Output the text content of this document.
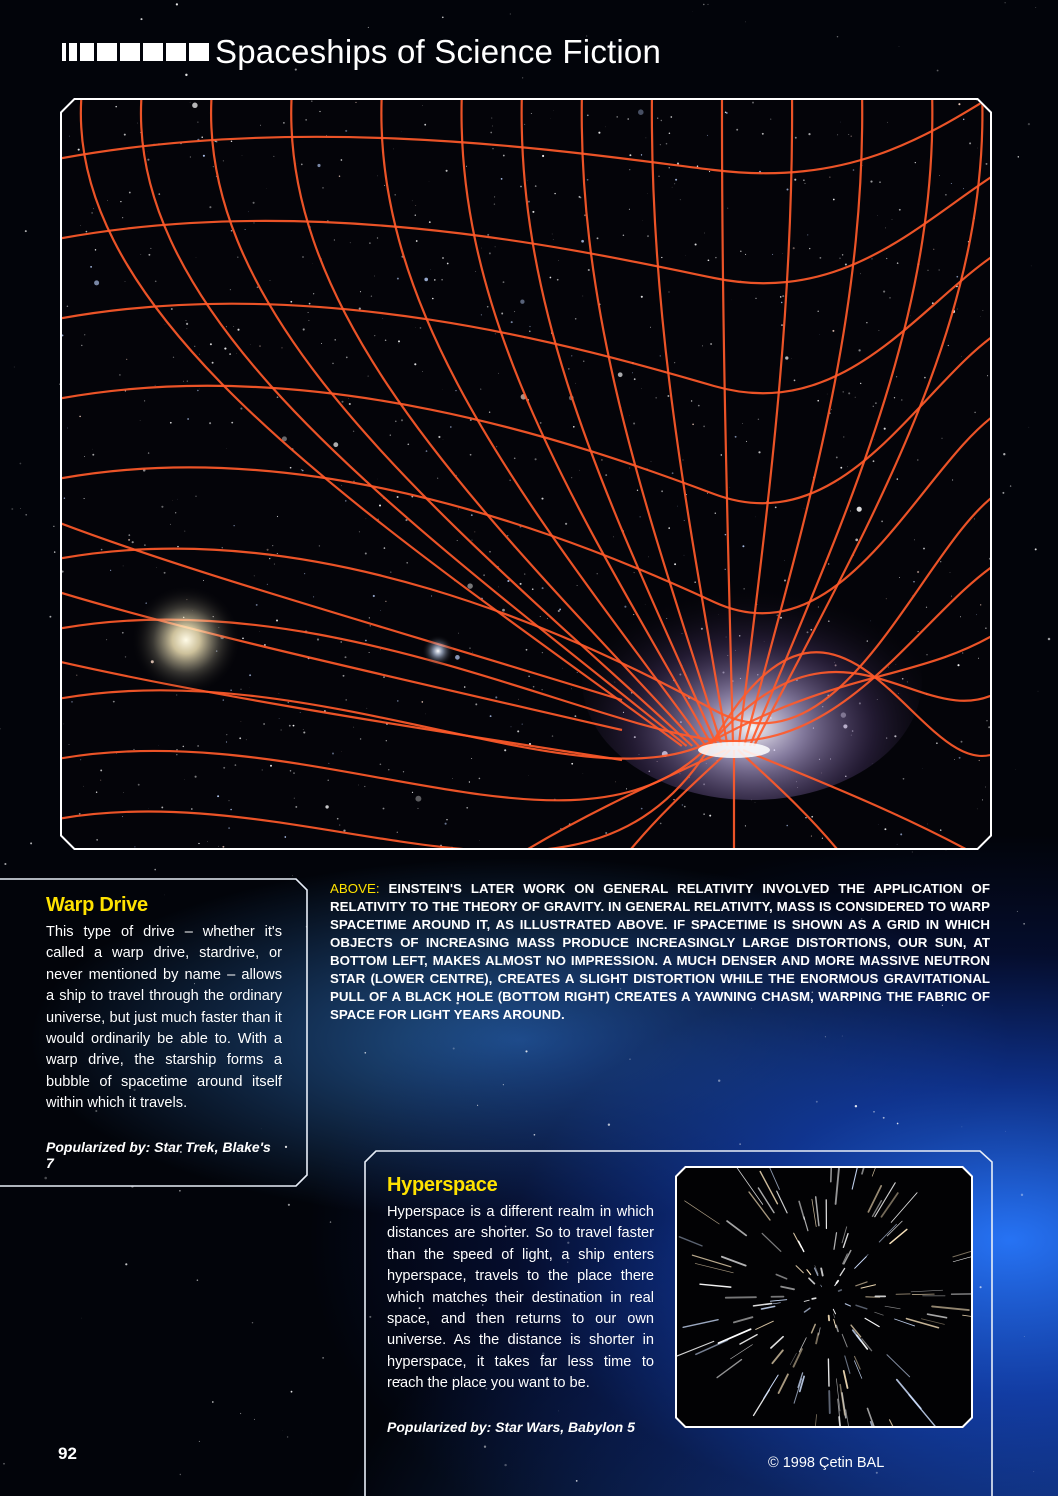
Spaceships of Science Fiction
Warp Drive

This type of drive – whether it's called a warp drive, stardrive, or never mentioned by name – allows a ship to travel through the ordinary universe, but just much faster than it would ordinarily be able to. With a warp drive, the starship forms a bubble of spacetime around itself within which it travels.

Popularized by: Star Trek, Blake's 7
ABOVE: EINSTEIN'S LATER WORK ON GENERAL RELATIVITY INVOLVED THE APPLICATION OF RELATIVITY TO THE THEORY OF GRAVITY. IN GENERAL RELATIVITY, MASS IS CONSIDERED TO WARP SPACETIME AROUND IT, AS ILLUSTRATED ABOVE. IF SPACETIME IS SHOWN AS A GRID IN WHICH OBJECTS OF INCREASING MASS PRODUCE INCREASINGLY LARGE DISTORTIONS, OUR SUN, AT BOTTOM LEFT, MAKES ALMOST NO IMPRESSION. A MUCH DENSER AND MORE MASSIVE NEUTRON STAR (LOWER CENTRE), CREATES A SLIGHT DISTORTION WHILE THE ENORMOUS GRAVITATIONAL PULL OF A BLACK HOLE (BOTTOM RIGHT) CREATES A YAWNING CHASM, WARPING THE FABRIC OF SPACE FOR LIGHT YEARS AROUND.
Hyperspace

Hyperspace is a different realm in which distances are shorter. So to travel faster than the speed of light, a ship enters hyperspace, travels to the place there which matches their destination in real space, and then returns to our own universe. As the distance is shorter in hyperspace, it takes far less time to reach the place you want to be.

Popularized by: Star Wars, Babylon 5
92	© 1998 Çetin BAL
